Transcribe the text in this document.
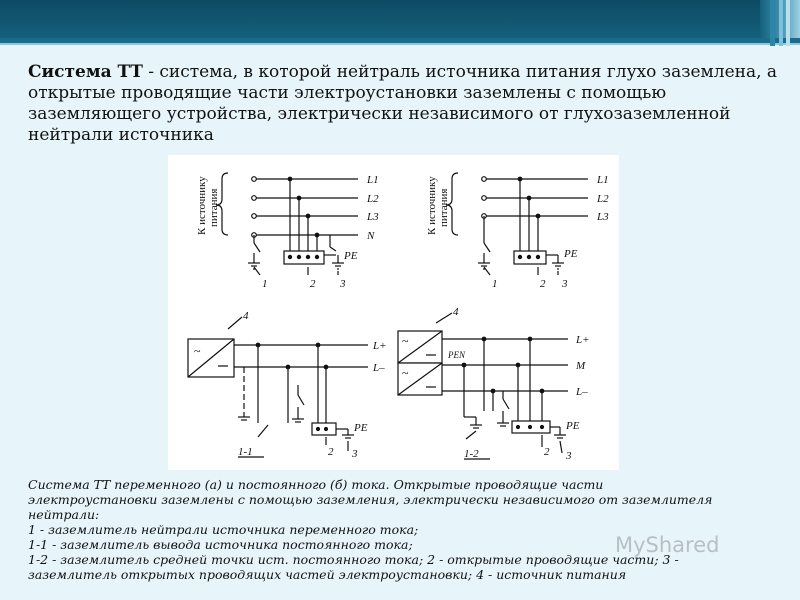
Система ТТ - система, в которой нейтраль источника питания глухо заземлена, а открытые проводящие части электроустановки заземлены с помощью заземляющего устройства, электрически независимого от глухозаземленной нейтрали источника

К источнику питания
L1
L2
L3
N
PE
1	2 3
К источнику питания
L1
L2
L3
PE
1	2 3
~	L+
L–
4
PE
1-1	2 3
~
~
PEN
L+
M
L–
4
PE
1-2	2 3
Система ТТ переменного (а) и постоянного (б) тока. Открытые проводящие части
электроустановки заземлены с помощью заземления, электрически независимого от заземлителя
нейтрали:
1 - заземлитель нейтрали источника переменного тока;
1-1 - заземлитель вывода источника постоянного тока;
1-2 - заземлитель средней точки ист. постоянного тока; 2 - открытые проводящие части; 3 -
заземлитель открытых проводящих частей электроустановки; 4 - источник питания
MyShared
